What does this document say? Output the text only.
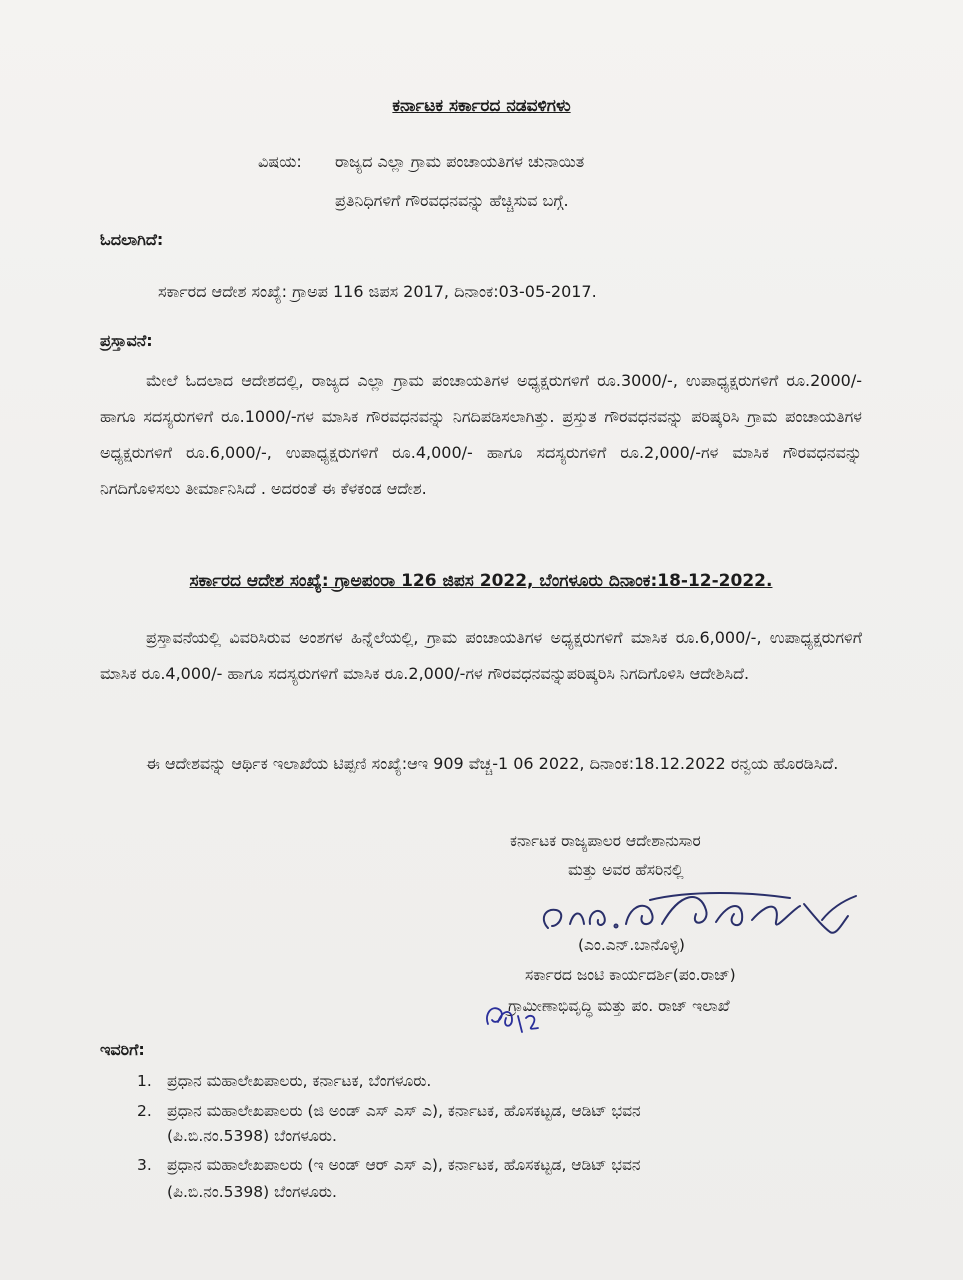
ಕರ್ನಾಟಕ ಸರ್ಕಾರದ ನಡವಳಿಗಳು
ವಿಷಯ: ರಾಜ್ಯದ ಎಲ್ಲಾ ಗ್ರಾಮ ಪಂಚಾಯತಿಗಳ ಚುನಾಯಿತ
ಪ್ರತಿನಿಧಿಗಳಿಗೆ ಗೌರವಧನವನ್ನು ಹೆಚ್ಚಿಸುವ ಬಗ್ಗೆ.
ಓದಲಾಗಿದೆ:
ಸರ್ಕಾರದ ಆದೇಶ ಸಂಖ್ಯೆ: ಗ್ರಾಅಪ 116 ಜಿಪಸ 2017, ದಿನಾಂಕ:03-05-2017.
ಪ್ರಸ್ತಾವನೆ:
ಮೇಲೆ ಓದಲಾದ ಆದೇಶದಲ್ಲಿ, ರಾಜ್ಯದ ಎಲ್ಲಾ ಗ್ರಾಮ ಪಂಚಾಯತಿಗಳ ಅಧ್ಯಕ್ಷರುಗಳಿಗೆ ರೂ.3000/-, ಉಪಾಧ್ಯಕ್ಷರುಗಳಿಗೆ ರೂ.2000/- ಹಾಗೂ ಸದಸ್ಯರುಗಳಿಗೆ ರೂ.1000/-ಗಳ ಮಾಸಿಕ ಗೌರವಧನವನ್ನು ನಿಗದಿಪಡಿಸಲಾಗಿತ್ತು. ಪ್ರಸ್ತುತ ಗೌರವಧನವನ್ನು ಪರಿಷ್ಕರಿಸಿ ಗ್ರಾಮ ಪಂಚಾಯತಿಗಳ ಅಧ್ಯಕ್ಷರುಗಳಿಗೆ ರೂ.6,000/-, ಉಪಾಧ್ಯಕ್ಷರುಗಳಿಗೆ ರೂ.4,000/- ಹಾಗೂ ಸದಸ್ಯರುಗಳಿಗೆ ರೂ.2,000/-ಗಳ ಮಾಸಿಕ ಗೌರವಧನವನ್ನು ನಿಗದಿಗೊಳಿಸಲು ತೀರ್ಮಾನಿಸಿದೆ . ಅದರಂತೆ ಈ ಕೆಳಕಂಡ ಆದೇಶ.
ಸರ್ಕಾರದ ಆದೇಶ ಸಂಖ್ಯೆ: ಗ್ರಾಅಪಂರಾ 126 ಜಿಪಸ 2022, ಬೆಂಗಳೂರು ದಿನಾಂಕ:18-12-2022.
ಪ್ರಸ್ತಾವನೆಯಲ್ಲಿ ವಿವರಿಸಿರುವ ಅಂಶಗಳ ಹಿನ್ನೆಲೆಯಲ್ಲಿ, ಗ್ರಾಮ ಪಂಚಾಯತಿಗಳ ಅಧ್ಯಕ್ಷರುಗಳಿಗೆ ಮಾಸಿಕ ರೂ.6,000/-, ಉಪಾಧ್ಯಕ್ಷರುಗಳಿಗೆ ಮಾಸಿಕ ರೂ.4,000/- ಹಾಗೂ ಸದಸ್ಯರುಗಳಿಗೆ ಮಾಸಿಕ ರೂ.2,000/-ಗಳ ಗೌರವಧನವನ್ನುಪರಿಷ್ಕರಿಸಿ ನಿಗದಿಗೊಳಿಸಿ ಆದೇಶಿಸಿದೆ.
ಈ ಆದೇಶವನ್ನು ಆರ್ಥಿಕ ಇಲಾಖೆಯ ಟಿಪ್ಪಣಿ ಸಂಖ್ಯೆ:ಆಇ 909 ವೆಚ್ಚ-1 06 2022, ದಿನಾಂಕ:18.12.2022 ರನ್ವಯ ಹೊರಡಿಸಿದೆ.
ಕರ್ನಾಟಕ ರಾಜ್ಯಪಾಲರ ಆದೇಶಾನುಸಾರ
ಮತ್ತು ಅವರ ಹೆಸರಿನಲ್ಲಿ
(ಎಂ.ಎನ್.ಬಾನೊಳ್ಳಿ)
ಸರ್ಕಾರದ ಜಂಟಿ ಕಾರ್ಯದರ್ಶಿ(ಪಂ.ರಾಜ್)
ಗ್ರಾಮೀಣಾಭಿವೃದ್ಧಿ ಮತ್ತು ಪಂ. ರಾಜ್ ಇಲಾಖೆ
ಇವರಿಗೆ:
1. ಪ್ರಧಾನ ಮಹಾಲೇಖಪಾಲರು, ಕರ್ನಾಟಕ, ಬೆಂಗಳೂರು.
2. ಪ್ರಧಾನ ಮಹಾಲೇಖಪಾಲರು (ಜಿ ಅಂಡ್ ಎಸ್ ಎಸ್ ಎ), ಕರ್ನಾಟಕ, ಹೊಸಕಟ್ಟಡ, ಆಡಿಟ್ ಭವನ
(ಪಿ.ಬಿ.ನಂ.5398) ಬೆಂಗಳೂರು.
3. ಪ್ರಧಾನ ಮಹಾಲೇಖಪಾಲರು (ಇ ಅಂಡ್ ಆರ್ ಎಸ್ ಎ), ಕರ್ನಾಟಕ, ಹೊಸಕಟ್ಟಡ, ಆಡಿಟ್ ಭವನ
(ಪಿ.ಬಿ.ನಂ.5398) ಬೆಂಗಳೂರು.
